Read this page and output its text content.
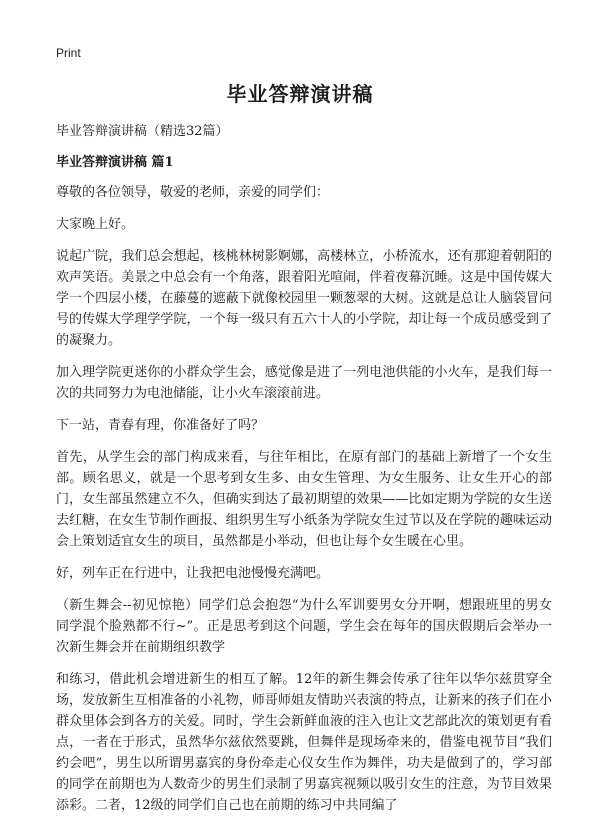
Print
毕业答辩演讲稿
毕业答辩演讲稿（精选32篇）
毕业答辩演讲稿 篇1

尊敬的各位领导，敬爱的老师，亲爱的同学们：

大家晚上好。

说起广院，我们总会想起，核桃林树影婀娜，高楼林立，小桥流水，还有那迎着朝阳的欢声笑语。美景之中总会有一个角落，跟着阳光喧闹，伴着夜幕沉睡。这是中国传媒大学一个四层小楼，在藤蔓的遮蔽下就像校园里一颗葱翠的大树。这就是总让人脑袋冒问号的传媒大学理学学院，一个每一级只有五六十人的小学院，却让每一个成员感受到了的凝聚力。

加入理学院更迷你的小群众学生会，感觉像是进了一列电池供能的小火车，是我们每一次的共同努力为电池储能，让小火车滚滚前进。

下一站，青春有理，你准备好了吗？

首先，从学生会的部门构成来看，与往年相比，在原有部门的基础上新增了一个女生部。顾名思义，就是一个思考到女生多、由女生管理、为女生服务、让女生开心的部门，女生部虽然建立不久，但确实到达了最初期望的效果——比如定期为学院的女生送去红糖，在女生节制作画报、组织男生写小纸条为学院女生过节以及在学院的趣味运动会上策划适宜女生的项目，虽然都是小举动，但也让每个女生暖在心里。

好，列车正在行进中，让我把电池慢慢充满吧。

（新生舞会--初见惊艳）同学们总会抱怨“为什么军训要男女分开啊，想跟班里的男女同学混个脸熟都不行~”。正是思考到这个问题，学生会在每年的国庆假期后会举办一次新生舞会并在前期组织教学

和练习，借此机会增进新生的相互了解。12年的新生舞会传承了往年以华尔兹贯穿全场，发放新生互相准备的小礼物，师哥师姐友情助兴表演的特点，让新来的孩子们在小群众里体会到各方的关爱。同时，学生会新鲜血液的注入也让文艺部此次的策划更有看点，一者在于形式，虽然华尔兹依然要跳，但舞伴是现场牵来的，借鉴电视节目“我们约会吧”，男生以所谓男嘉宾的身份牵走心仪女生作为舞伴，功夫是做到了的，学习部的同学在前期也为人数奇少的男生们录制了男嘉宾视频以吸引女生的注意，为节目效果添彩。二者，12级的同学们自己也在前期的练习中共同编了
